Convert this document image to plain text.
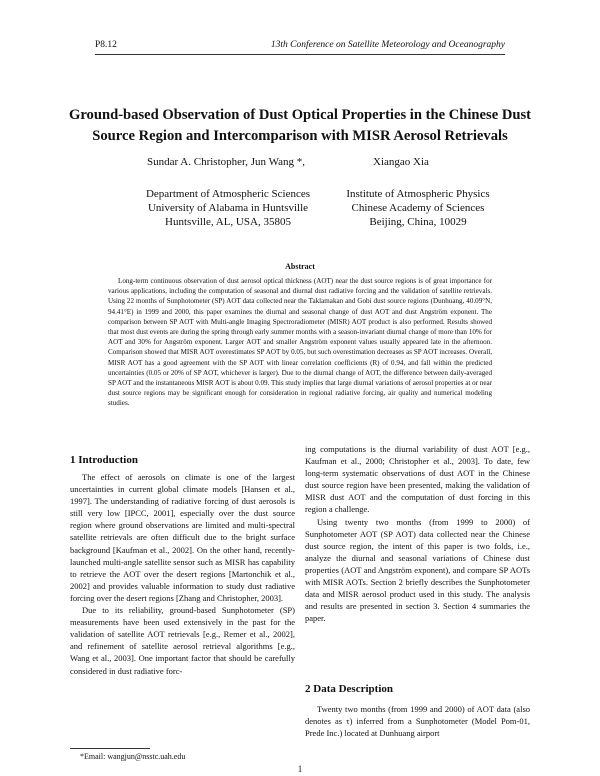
P8.12	13th Conference on Satellite Meteorology and Oceanography
Ground-based Observation of Dust Optical Properties in the Chinese Dust
Source Region and Intercomparison with MISR Aerosol Retrievals
Sundar A. Christopher, Jun Wang *,	Xiangao Xia
Department of Atmospheric Sciences
University of Alabama in Huntsville
Huntsville, AL, USA, 35805
Institute of Atmospheric Physics
Chinese Academy of Sciences
Beijing, China, 10029
Abstract

Long-term continuous observation of dust aerosol optical thickness (AOT) near the dust source regions is of great importance for various applications, including the computation of seasonal and diurnal dust radiative forcing and the validation of satellite retrievals. Using 22 months of Sunphotometer (SP) AOT data collected near the Taklamakan and Gobi dust source regions (Dunhuang, 40.09°N, 94.41°E) in 1999 and 2000, this paper examines the diurnal and seasonal change of dust AOT and dust Angström exponent. The comparison between SP AOT with Multi-angle Imaging Spectroradiometer (MISR) AOT product is also performed. Results showed that most dust events are during the spring through early summer months with a season-invariant diurnal change of more than 10% for AOT and 30% for Angström exponent. Larger AOT and smaller Angström exponent values usually appeared late in the afternoon. Comparison showed that MISR AOT overestimates SP AOT by 0.05, but such overestimation decreases as SP AOT increases. Overall, MISR AOT has a good agreement with the SP AOT with linear correlation coefficients (R) of 0.94, and fall within the predicted uncertainties (0.05 or 20% of SP AOT, whichever is larger). Due to the diurnal change of AOT, the difference between daily-averaged SP AOT and the instantaneous MISR AOT is about 0.09. This study implies that large diurnal variations of aerosol properties at or near dust source regions may be significant enough for consideration in regional radiative forcing, air quality and numerical modeling studies.

1 Introduction

The effect of aerosols on climate is one of the largest uncertainties in current global climate models [Hansen et al., 1997]. The understanding of radiative forcing of dust aerosols is still very low [IPCC, 2001], especially over the dust source region where ground observations are limited and multi-spectral satellite retrievals are often difficult due to the bright surface background [Kaufman et al., 2002]. On the other hand, recently-launched multi-angle satellite sensor such as MISR has capability to retrieve the AOT over the desert regions [Martonchik et al., 2002] and provides valuable information to study dust radiative forcing over the desert regions [Zhang and Christopher, 2003].

Due to its reliability, ground-based Sunphotometer (SP) measurements have been used extensively in the past for the validation of satellite AOT retrievals [e.g., Remer et al., 2002], and refinement of satellite aerosol retrieval algorithms [e.g., Wang et al., 2003]. One important factor that should be carefully considered in dust radiative forc-

ing computations is the diurnal variability of dust AOT [e.g., Kaufman et al., 2000; Christopher et al., 2003]. To date, few long-term systematic observations of dust AOT in the Chinese dust source region have been presented, making the validation of MISR dust AOT and the computation of dust forcing in this region a challenge.

Using twenty two months (from 1999 to 2000) of Sunphotometer AOT (SP AOT) data collected near the Chinese dust source region, the intent of this paper is two folds, i.e., analyze the diurnal and seasonal variations of Chinese dust properties (AOT and Angström exponent), and compare SP AOTs with MISR AOTs. Section 2 briefly describes the Sunphotometer data and MISR aerosol product used in this study. The analysis and results are presented in section 3. Section 4 summaries the paper.

2 Data Description

Twenty two months (from 1999 and 2000) of AOT data (also denotes as τ) inferred from a Sunphotometer (Model Pom-01, Prede Inc.) located at Dunhuang airport

*Email: wangjun@nsstc.uah.edu
1
